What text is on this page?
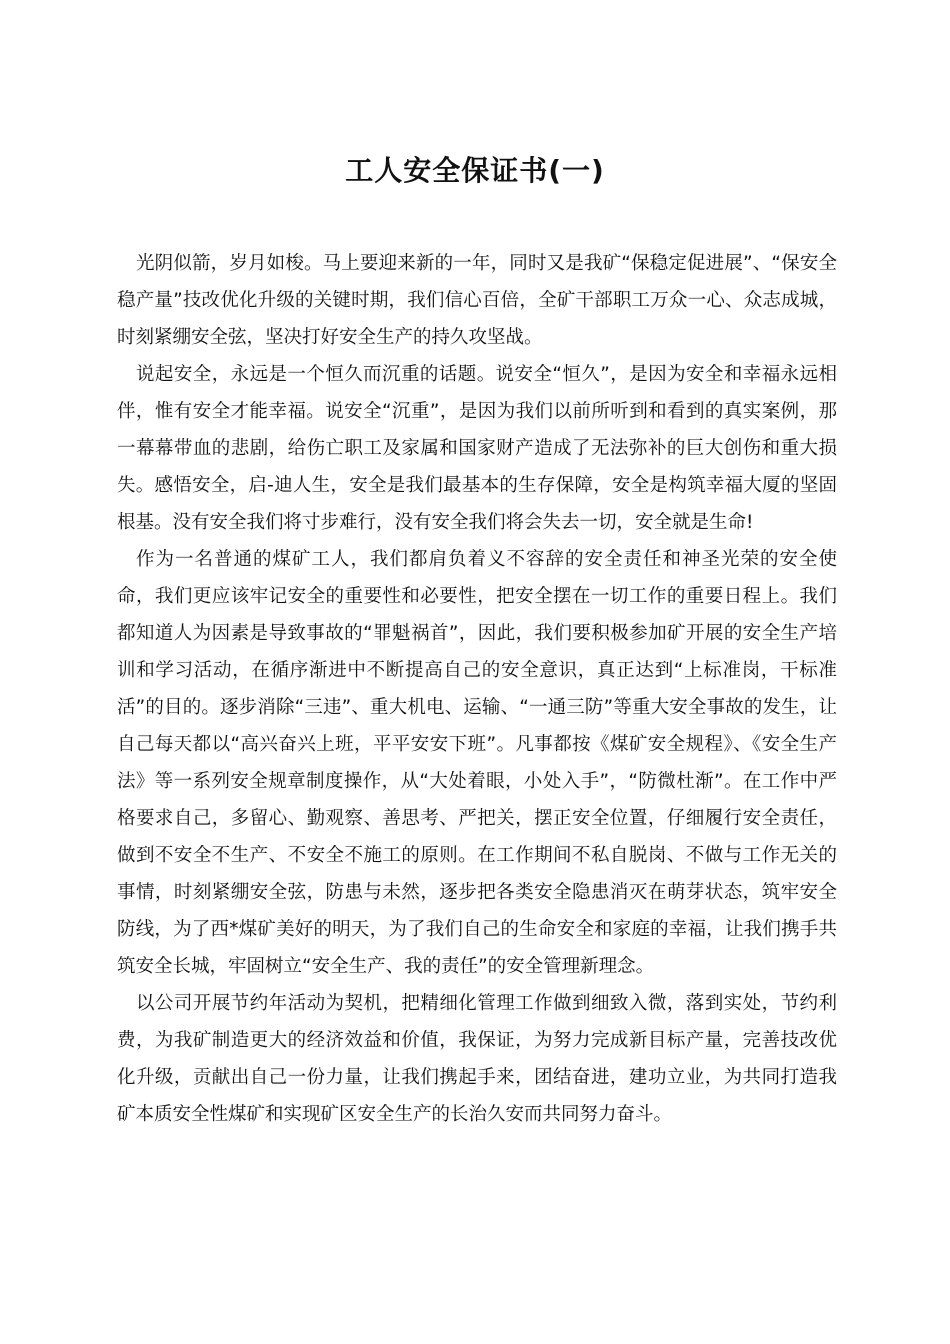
工人安全保证书(一)

光阴似箭，岁月如梭。马上要迎来新的一年，同时又是我矿“保稳定促进展”、“保安全稳产量”技改优化升级的关键时期，我们信心百倍，全矿干部职工万众一心、众志成城，时刻紧绷安全弦，坚决打好安全生产的持久攻坚战。

说起安全，永远是一个恒久而沉重的话题。说安全“恒久”，是因为安全和幸福永远相伴，惟有安全才能幸福。说安全“沉重”，是因为我们以前所听到和看到的真实案例，那一幕幕带血的悲剧，给伤亡职工及家属和国家财产造成了无法弥补的巨大创伤和重大损失。感悟安全，启-迪人生，安全是我们最基本的生存保障，安全是构筑幸福大厦的坚固根基。没有安全我们将寸步难行，没有安全我们将会失去一切，安全就是生命!

作为一名普通的煤矿工人，我们都肩负着义不容辞的安全责任和神圣光荣的安全使命，我们更应该牢记安全的重要性和必要性，把安全摆在一切工作的重要日程上。我们都知道人为因素是导致事故的“罪魁祸首”，因此，我们要积极参加矿开展的安全生产培训和学习活动，在循序渐进中不断提高自己的安全意识，真正达到“上标准岗，干标准活”的目的。逐步消除“三违”、重大机电、运输、“一通三防”等重大安全事故的发生，让自己每天都以“高兴奋兴上班，平平安安下班”。凡事都按《煤矿安全规程》、《安全生产法》等一系列安全规章制度操作，从“大处着眼，小处入手”，“防微杜渐”。在工作中严格要求自己，多留心、勤观察、善思考、严把关，摆正安全位置，仔细履行安全责任，做到不安全不生产、不安全不施工的原则。在工作期间不私自脱岗、不做与工作无关的事情，时刻紧绷安全弦，防患与未然，逐步把各类安全隐患消灭在萌芽状态，筑牢安全防线，为了西*煤矿美好的明天，为了我们自己的生命安全和家庭的幸福，让我们携手共筑安全长城，牢固树立“安全生产、我的责任”的安全管理新理念。

以公司开展节约年活动为契机，把精细化管理工作做到细致入微，落到实处，节约利费，为我矿制造更大的经济效益和价值，我保证，为努力完成新目标产量，完善技改优化升级，贡献出自己一份力量，让我们携起手来，团结奋进，建功立业，为共同打造我矿本质安全性煤矿和实现矿区安全生产的长治久安而共同努力奋斗。
